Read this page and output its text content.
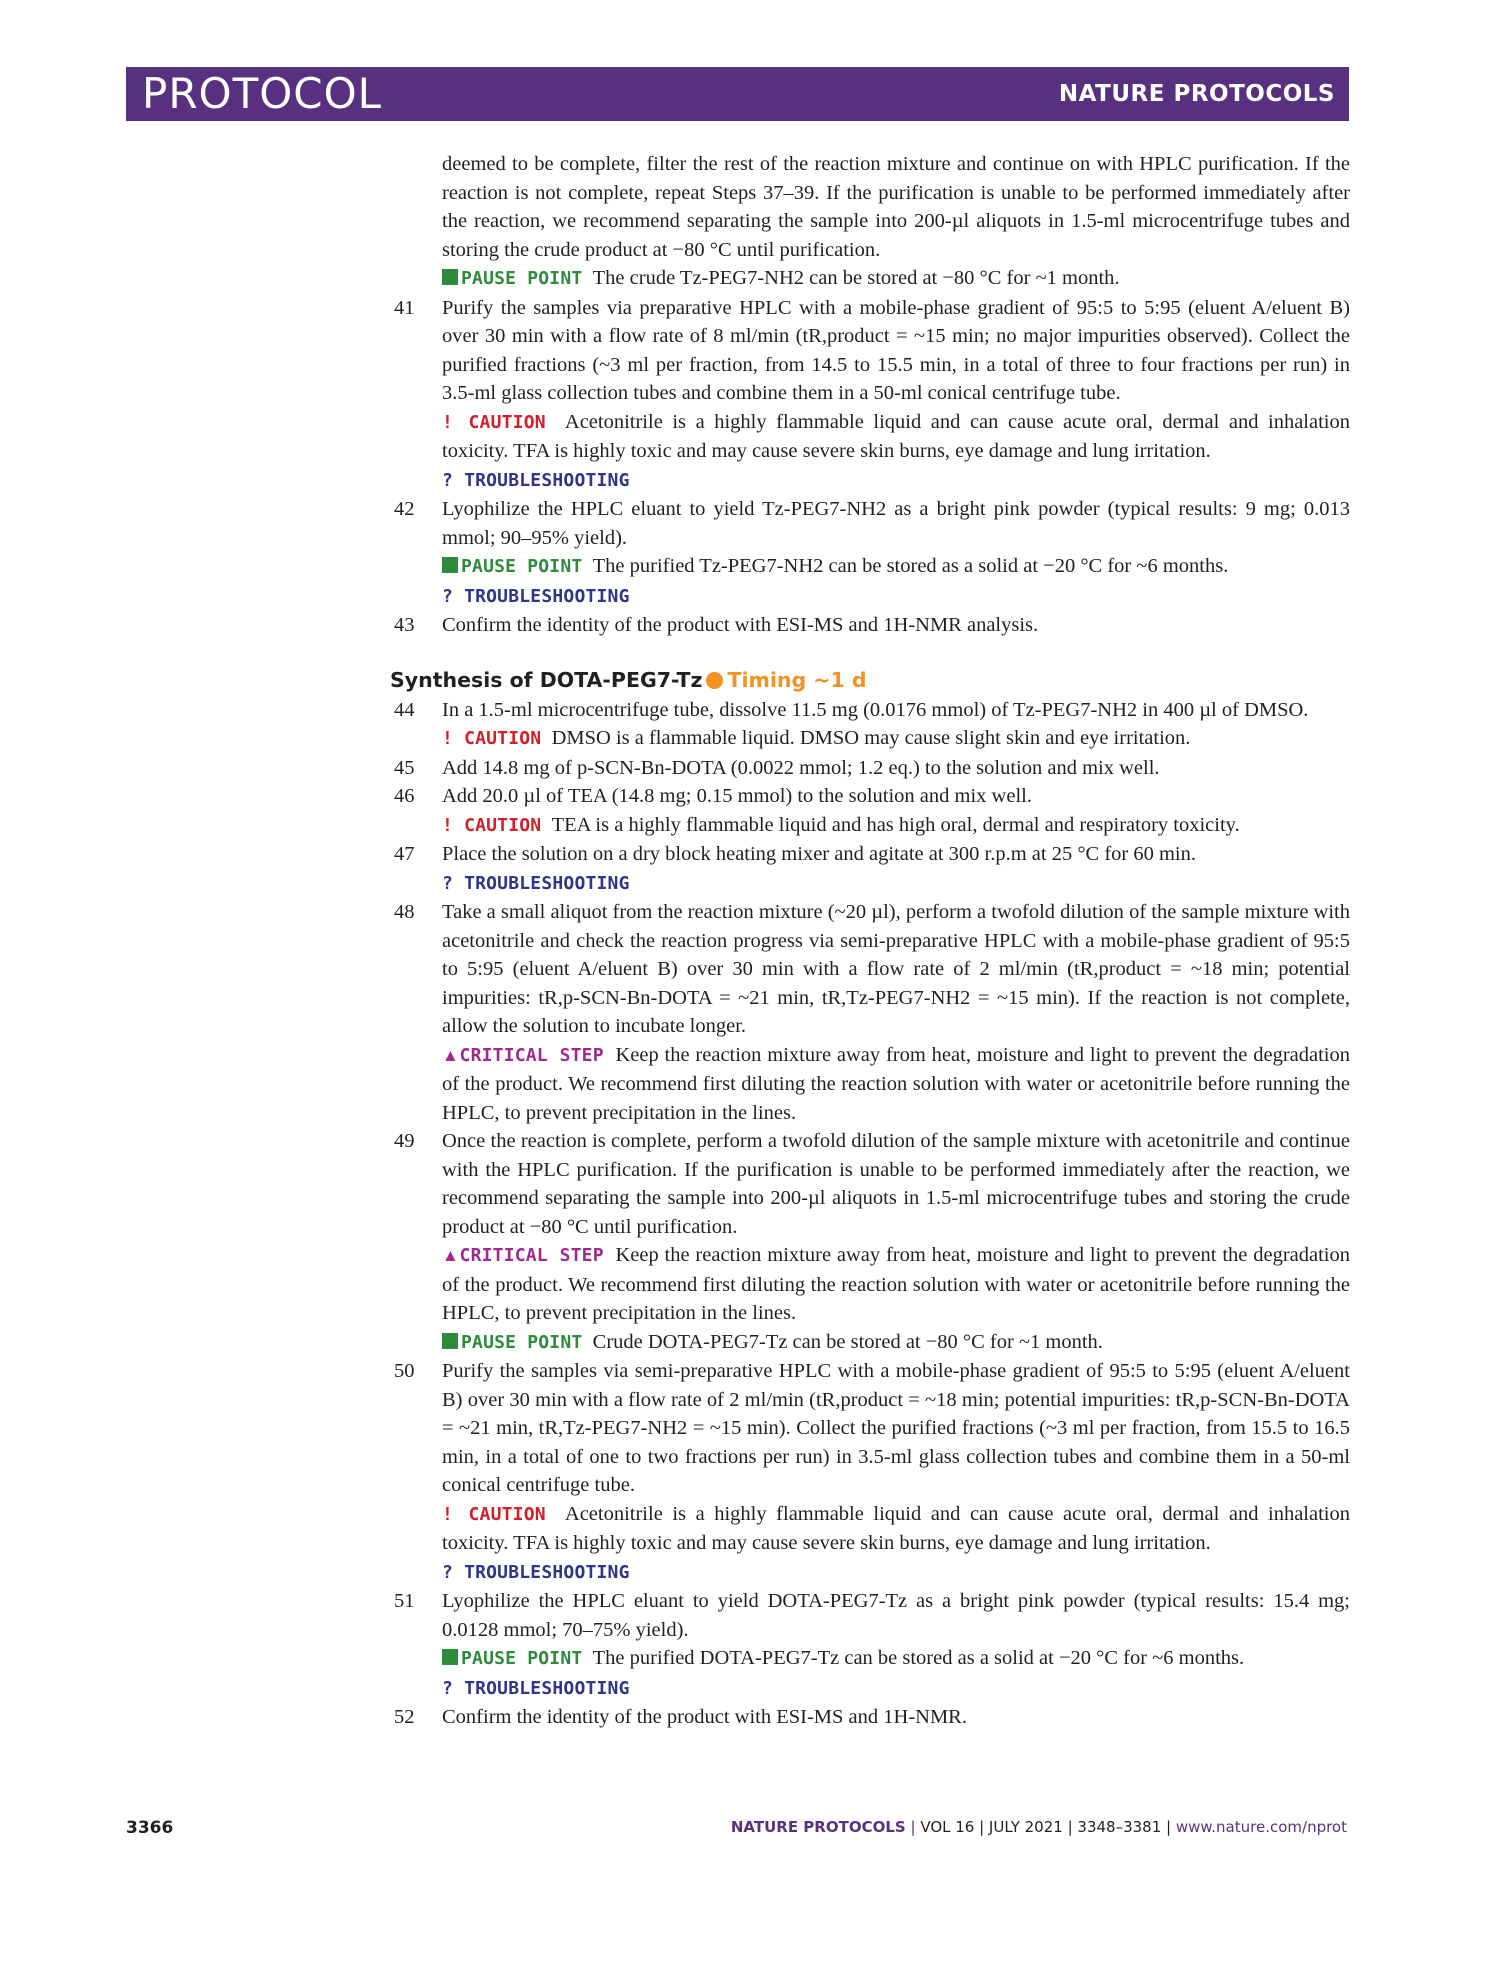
PROTOCOL	NATURE PROTOCOLS
deemed to be complete, filter the rest of the reaction mixture and continue on with HPLC purification. If the reaction is not complete, repeat Steps 37–39. If the purification is unable to be performed immediately after the reaction, we recommend separating the sample into 200-µl aliquots in 1.5-ml microcentrifuge tubes and storing the crude product at −80 °C until purification.
PAUSE POINT The crude Tz-PEG7-NH2 can be stored at −80 °C for ~1 month.
41 Purify the samples via preparative HPLC with a mobile-phase gradient of 95:5 to 5:95 (eluent A/eluent B) over 30 min with a flow rate of 8 ml/min (tR,product = ~15 min; no major impurities observed). Collect the purified fractions (~3 ml per fraction, from 14.5 to 15.5 min, in a total of three to four fractions per run) in 3.5-ml glass collection tubes and combine them in a 50-ml conical centrifuge tube.
! CAUTION Acetonitrile is a highly flammable liquid and can cause acute oral, dermal and inhalation toxicity. TFA is highly toxic and may cause severe skin burns, eye damage and lung irritation.
? TROUBLESHOOTING
42 Lyophilize the HPLC eluant to yield Tz-PEG7-NH2 as a bright pink powder (typical results: 9 mg; 0.013 mmol; 90–95% yield).
PAUSE POINT The purified Tz-PEG7-NH2 can be stored as a solid at −20 °C for ~6 months.
? TROUBLESHOOTING
43 Confirm the identity of the product with ESI-MS and 1H-NMR analysis.
Synthesis of DOTA-PEG7-Tz Timing ~1 d
44 In a 1.5-ml microcentrifuge tube, dissolve 11.5 mg (0.0176 mmol) of Tz-PEG7-NH2 in 400 µl of DMSO.
! CAUTION DMSO is a flammable liquid. DMSO may cause slight skin and eye irritation.
45 Add 14.8 mg of p-SCN-Bn-DOTA (0.0022 mmol; 1.2 eq.) to the solution and mix well.
46 Add 20.0 µl of TEA (14.8 mg; 0.15 mmol) to the solution and mix well.
! CAUTION TEA is a highly flammable liquid and has high oral, dermal and respiratory toxicity.
47 Place the solution on a dry block heating mixer and agitate at 300 r.p.m at 25 °C for 60 min.
? TROUBLESHOOTING
48 Take a small aliquot from the reaction mixture (~20 µl), perform a twofold dilution of the sample mixture with acetonitrile and check the reaction progress via semi-preparative HPLC with a mobile-phase gradient of 95:5 to 5:95 (eluent A/eluent B) over 30 min with a flow rate of 2 ml/min (tR,product = ~18 min; potential impurities: tR,p-SCN-Bn-DOTA = ~21 min, tR,Tz-PEG7-NH2 = ~15 min). If the reaction is not complete, allow the solution to incubate longer.
▲CRITICAL STEP Keep the reaction mixture away from heat, moisture and light to prevent the degradation of the product. We recommend first diluting the reaction solution with water or acetonitrile before running the HPLC, to prevent precipitation in the lines.
49 Once the reaction is complete, perform a twofold dilution of the sample mixture with acetonitrile and continue with the HPLC purification. If the purification is unable to be performed immediately after the reaction, we recommend separating the sample into 200-µl aliquots in 1.5-ml microcentrifuge tubes and storing the crude product at −80 °C until purification.
▲CRITICAL STEP Keep the reaction mixture away from heat, moisture and light to prevent the degradation of the product. We recommend first diluting the reaction solution with water or acetonitrile before running the HPLC, to prevent precipitation in the lines.
PAUSE POINT Crude DOTA-PEG7-Tz can be stored at −80 °C for ~1 month.
50 Purify the samples via semi-preparative HPLC with a mobile-phase gradient of 95:5 to 5:95 (eluent A/eluent B) over 30 min with a flow rate of 2 ml/min (tR,product = ~18 min; potential impurities: tR,p-SCN-Bn-DOTA = ~21 min, tR,Tz-PEG7-NH2 = ~15 min). Collect the purified fractions (~3 ml per fraction, from 15.5 to 16.5 min, in a total of one to two fractions per run) in 3.5-ml glass collection tubes and combine them in a 50-ml conical centrifuge tube.
! CAUTION Acetonitrile is a highly flammable liquid and can cause acute oral, dermal and inhalation toxicity. TFA is highly toxic and may cause severe skin burns, eye damage and lung irritation.
? TROUBLESHOOTING
51 Lyophilize the HPLC eluant to yield DOTA-PEG7-Tz as a bright pink powder (typical results: 15.4 mg; 0.0128 mmol; 70–75% yield).
PAUSE POINT The purified DOTA-PEG7-Tz can be stored as a solid at −20 °C for ~6 months.
? TROUBLESHOOTING
52 Confirm the identity of the product with ESI-MS and 1H-NMR.
3366	NATURE PROTOCOLS | VOL 16 | JULY 2021 | 3348–3381 | www.nature.com/nprot
